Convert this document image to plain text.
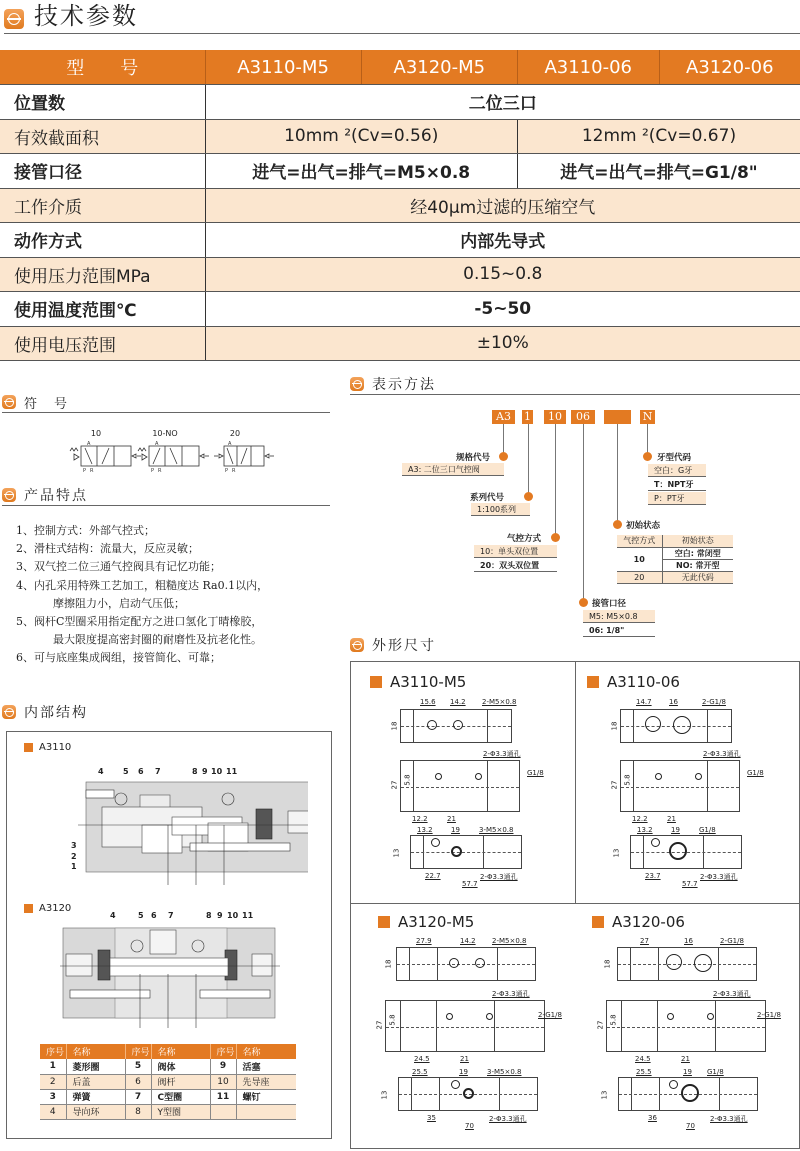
技术参数
型　　号	A3110-M5	A3120-M5	A3110-06	A3120-06
位置数	二位三口			
有效截面积	10mm ²(Cv=0.56)		12mm ²(Cv=0.67)	
接管口径	进气=出气=排气=M5×0.8		进气=出气=排气=G1/8"	
工作介质	经40μm过滤的压缩空气			
动作方式	内部先导式			
使用压力范围MPa	0.15~0.8			
使用温度范围℃	-5~50			
使用电压范围	±10%			
符　号
10	10-NO	20
A
P R
A
P R
A
P R
产品特点
1、控制方式：外部气控式；
2、滑柱式结构：流量大，反应灵敏；
3、双气控二位三通气控阀具有记忆功能；
4、内孔采用特殊工艺加工，粗糙度达 Ra0.1以内，
摩擦阻力小，启动气压低；
5、阀杆C型圈采用指定配方之进口氢化丁晴橡胶，
最大限度提高密封圈的耐磨性及抗老化性。
6、可与底座集成阀组，接管简化、可靠；
内部结构
A3110
4 5 6 7	8 9 10 11
3
2
1
A3120
4	5 6 7	8 9 10 11
序号	名称	序号	名称	序号	名称
1	菱形圈	5	阀体	9	活塞
2	后盖	6	阀杆	10	先导座
3	弹簧	7	C型圈	11	螺钉
4	导向环	8	Y型圈		
表示方法
A3	1	10	06	N
规格代号
A3: 二位三口气控阀
系列代号
1:100系列
气控方式
10：单头双位置
20：双头双位置
接管口径
M5: M5×0.8
06: 1/8"
初始状态
气控方式	初始状态
10	空白: 常闭型
	NO: 常开型
20	无此代码
牙型代码
空白：G牙
T：NPT牙
P：PT牙
外形尺寸
A3110-M5	A3110-06
A3120-M5	A3120-06
15.6 14.2 2-M5×0.8
18
2-Φ3.3通孔
G1/8
27 5.8
12.2	21
13.2	19	3-M5×0.8
13
22.7
57.7
2-Φ3.3通孔
14.7 16	2-G1/8
18
2-Φ3.3通孔
G1/8
27 5.8
12.2	21
13.2	19	G1/8
13
23.7
57.7
2-Φ3.3通孔
27.9	14.2 2-M5×0.8
18
2-Φ3.3通孔
2-G1/8
27 5.8
24.5	21
25.5	19	3-M5×0.8
13
35
70
2-Φ3.3通孔
27	16	2-G1/8
18
2-Φ3.3通孔
2-G1/8
27 5.8
24.5	21
25.5	19 G1/8
13
36
70
2-Φ3.3通孔
